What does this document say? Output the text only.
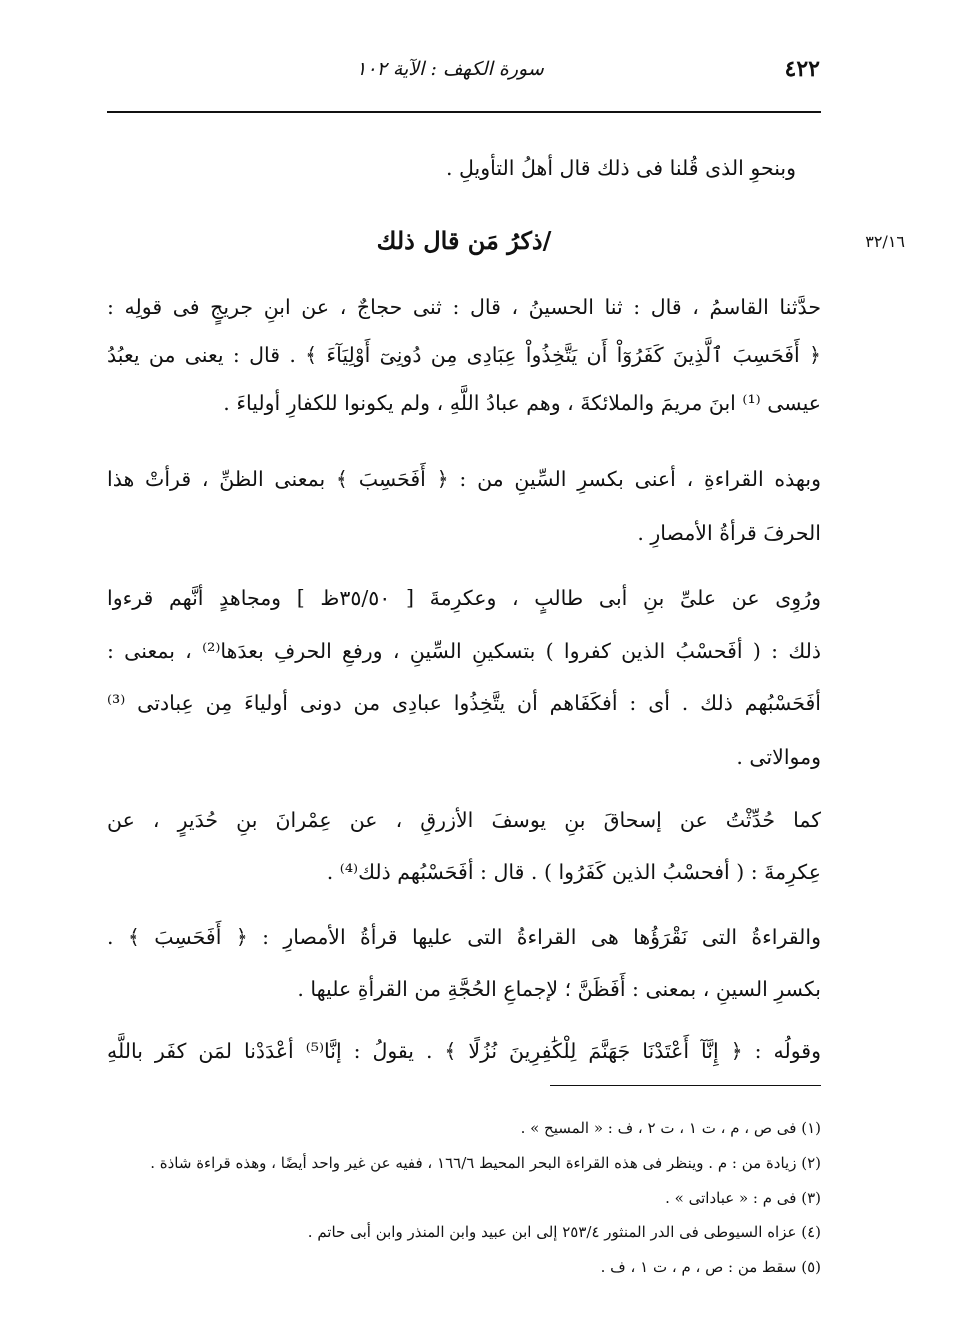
٤٢٢
سورة الكهف : الآية ١٠٢
٣٢/١٦
وبنحوِ الذى قُلنا فى ذلك قال أهلُ التأويلِ .
/ذكرُ مَن قال ذلك
حدَّثنا القاسمُ ، قال : ثنا الحسينُ ، قال : ثنى حجاجٌ ، عن ابنِ جريجٍ فى قولِه :
﴿ أَفَحَسِبَ ٱلَّذِينَ كَفَرُوٓاْ أَن يَتَّخِذُواْ عِبَادِى مِن دُونِىٓ أَوْلِيَآءَ ﴾ . قال : يعنى من يعبُدُ
عيسى ⁽¹⁾ ابنَ مريمَ والملائكةَ ، وهم عبادُ اللَّهِ ، ولم يكونوا للكفارِ أولياءَ .
وبهذه القراءةِ ، أعنى بكسرِ السِّينِ من : ﴿ أَفَحَسِبَ ﴾ بمعنى الظنِّ ، قرأتْ هذا
الحرفَ قرأةُ الأمصارِ .
ورُوِى عن علىِّ بنِ أبى طالبٍ ، وعكرِمةَ [ ٣٥/٥٠ظ ] ومجاهدٍ أنَّهم قرءوا
ذلك : ( أفَحسْبُ الذين كفروا ) بتسكينِ السِّينِ ، ورفعِ الحرفِ بعدَها⁽²⁾ ، بمعنى :
أفَحَسْبُهم ذلك . أى : أفكَفَاهم أن يتَّخِذُوا عبادِى من دونى أولياءَ مِن عِبادتى ⁽³⁾
وموالاتى .
كما حُدِّثْتُ عن إسحاقَ بنِ يوسفَ الأزرقِ ، عن عِمْرانَ بنِ حُدَيرٍ ، عن
عِكرِمةَ : ( أفحسْبُ الذين كَفَرُوا ) . قال : أفَحَسْبُهم ذلك⁽⁴⁾ .
والقراءةُ التى نَقْرَؤُها هى القراءةُ التى عليها قرأةُ الأمصارِ : ﴿ أَفَحَسِبَ ﴾ .
بكسرِ السينِ ، بمعنى : أَفَظَنَّ ؛ لإجماعِ الحُجَّةِ من القرأةِ عليها .
وقولُه : ﴿ إِنَّآ أَعْتَدْنَا جَهَنَّمَ لِلْكَٰفِرِينَ نُزُلًا ﴾ . يقولُ : إنَّا⁽⁵⁾ أعْدَدْنا لمَن كفَر باللَّهِ
(١) فى ص ، م ، ت ١ ، ت ٢ ، ف : « المسيح » .
(٢) زيادة من : م . وينظر فى هذه القراءة البحر المحيط ١٦٦/٦ ، ففيه عن غير واحد أيضًا ، وهذه قراءة شاذة .
(٣) فى م : « عباداتى » .
(٤) عزاه السيوطى فى الدر المنثور ٢٥٣/٤ إلى ابن عبيد وابن المنذر وابن أبى حاتم .
(٥) سقط من : ص ، م ، ت ١ ، ف .
